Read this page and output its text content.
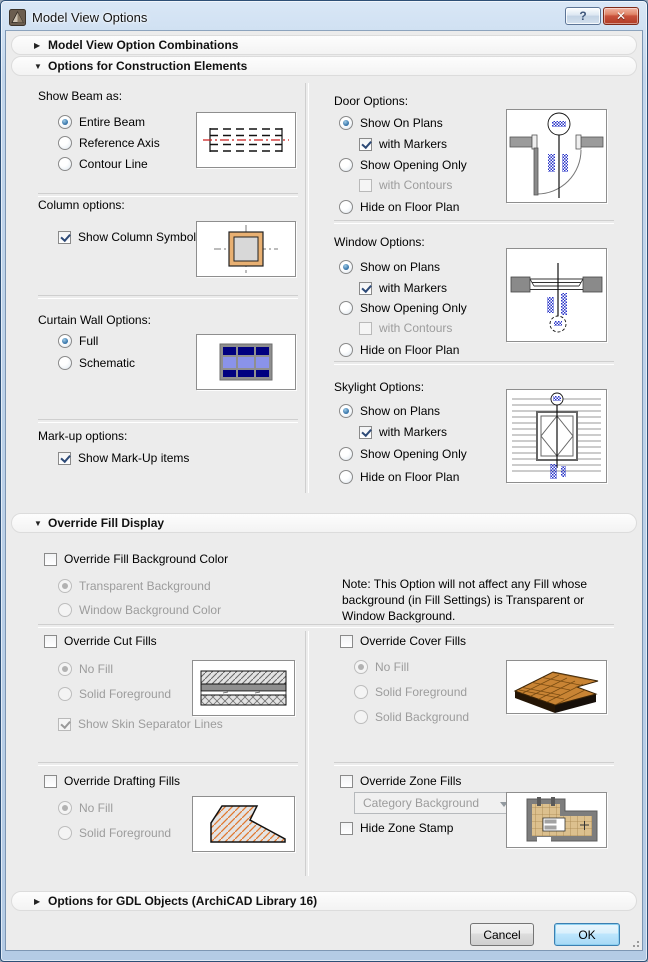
Model View Options	? ✕
▶ Model View Option Combinations
▼ Options for Construction Elements
Show Beam as:
Entire Beam
Reference Axis
Contour Line
Column options:
Show Column Symbol
Curtain Wall Options:
Full
Schematic
Mark-up options:
Show Mark-Up items
Door Options:
Show On Plans
with Markers
Show Opening Only
with Contours
Hide on Floor Plan
Window Options:
Show on Plans
with Markers
Show Opening Only
with Contours
Hide on Floor Plan
Skylight Options:
Show on Plans
with Markers
Show Opening Only
Hide on Floor Plan
▼ Override Fill Display
Override Fill Background Color
Transparent Background
Window Background Color
Note: This Option will not affect any Fill whose background (in Fill Settings) is Transparent or Window Background.
Override Cut Fills
No Fill
Solid Foreground
Show Skin Separator Lines
Override Cover Fills
No Fill
Solid Foreground
Solid Background
Override Drafting Fills
No Fill
Solid Foreground
Override Zone Fills
Category Background
Hide Zone Stamp
▶ Options for GDL Objects (ArchiCAD Library 16)
Cancel	OK
